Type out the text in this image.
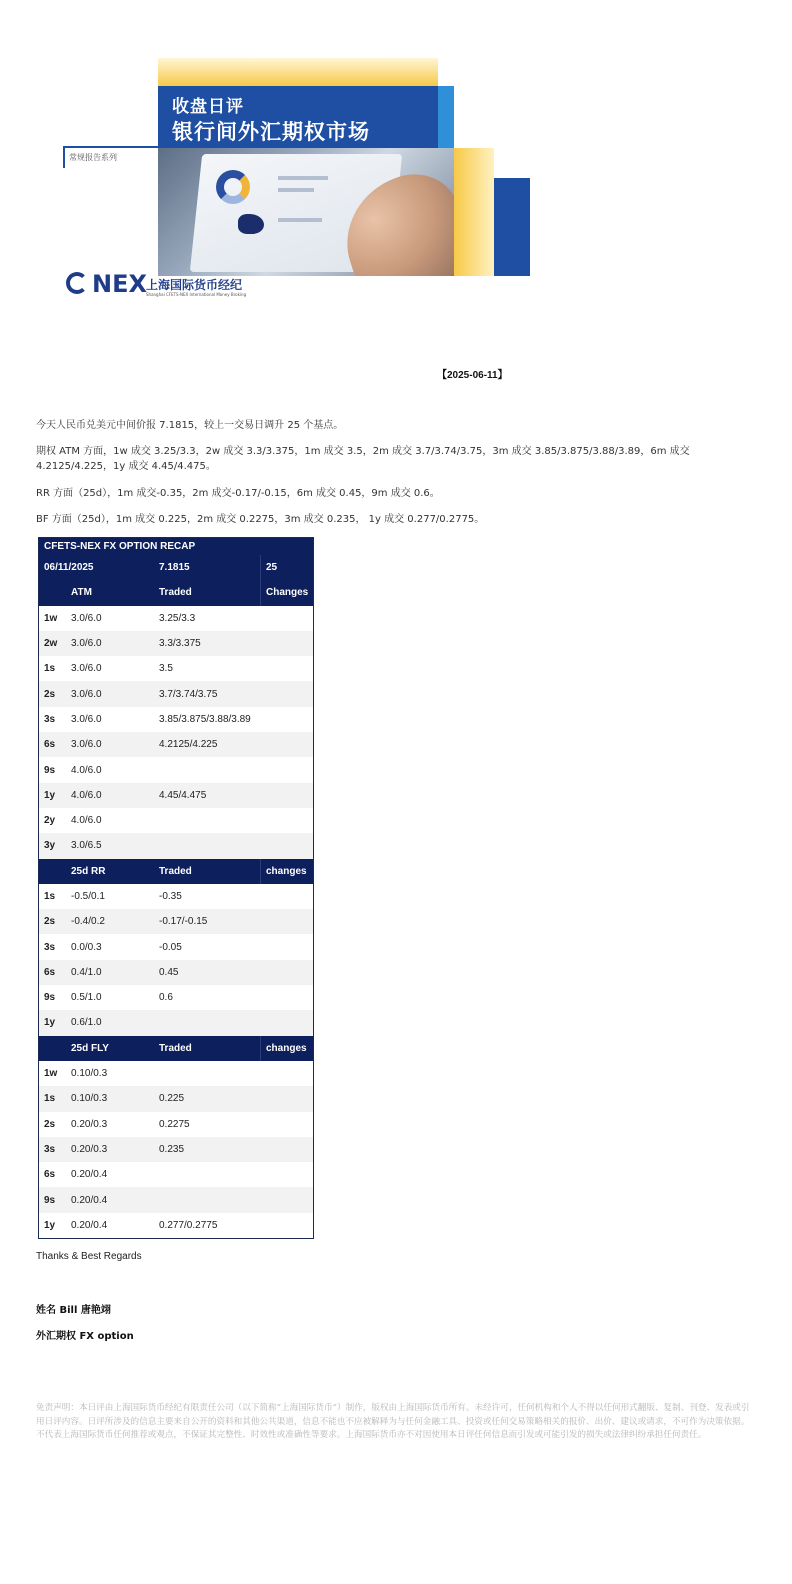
收盘日评
银行间外汇期权市场
常规报告系列
NEX 上海国际货币经纪
Shanghai CFETS-NEX International Money Broking
【2025-06-11】
今天人民币兑美元中间价报 7.1815，较上一交易日调升 25 个基点。
期权 ATM 方面，1w 成交 3.25/3.3，2w 成交 3.3/3.375，1m 成交 3.5，2m 成交 3.7/3.74/3.75，3m 成交 3.85/3.875/3.88/3.89，6m 成交 4.2125/4.225，1y 成交 4.45/4.475。
RR 方面（25d），1m 成交-0.35，2m 成交-0.17/-0.15，6m 成交 0.45，9m 成交 0.6。
BF 方面（25d），1m 成交 0.225，2m 成交 0.2275，3m 成交 0.235， 1y 成交 0.277/0.2775。
CFETS-NEX FX OPTION RECAP
06/11/2025	7.1815	25
ATM	Traded	Changes
1w	3.0/6.0	3.25/3.3
2w	3.0/6.0	3.3/3.375
1s	3.0/6.0	3.5
2s	3.0/6.0	3.7/3.74/3.75
3s	3.0/6.0	3.85/3.875/3.88/3.89
6s	3.0/6.0	4.2125/4.225
9s	4.0/6.0
1y	4.0/6.0	4.45/4.475
2y	4.0/6.0
3y	3.0/6.5
25d RR	Traded	changes
1s	-0.5/0.1	-0.35
2s	-0.4/0.2	-0.17/-0.15
3s	0.0/0.3	-0.05
6s	0.4/1.0	0.45
9s	0.5/1.0	0.6
1y	0.6/1.0
25d FLY	Traded	changes
1w	0.10/0.3
1s	0.10/0.3	0.225
2s	0.20/0.3	0.2275
3s	0.20/0.3	0.235
6s	0.20/0.4
9s	0.20/0.4
1y	0.20/0.4	0.277/0.2775
Thanks & Best Regards
姓名 Bill 唐艳翊
外汇期权 FX option
免责声明：本日评由上海国际货币经纪有限责任公司（以下简称“上海国际货币”）制作，版权由上海国际货币所有。未经许可，任何机构和个人不得以任何形式翻版、复制、刊登、发表或引用日评内容。日评所涉及的信息主要来自公开的资料和其他公共渠道，信息不能也不应被解释为与任何金融工具、投资或任何交易策略相关的报价、出价、建议或请求，不可作为决策依据。不代表上海国际货币任何推荐或观点，不保证其完整性、时效性或准确性等要求。上海国际货币亦不对因使用本日评任何信息而引发或可能引发的损失或法律纠纷承担任何责任。
